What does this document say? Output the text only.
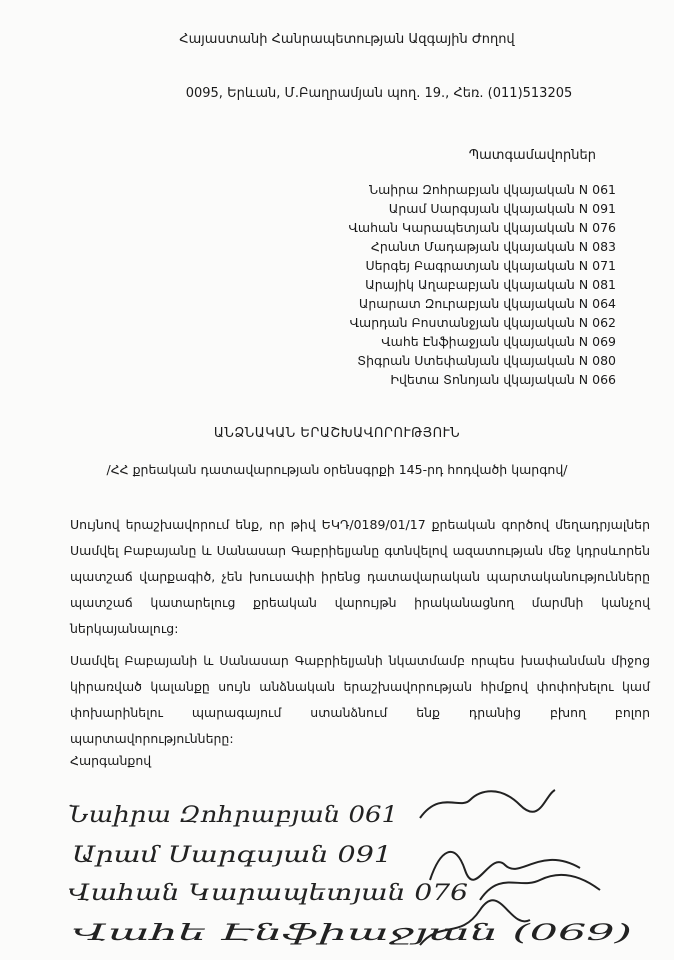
Հայաստանի Հանրապետության Ազգային Ժողով
0095, Երևան, Մ.Բաղրամյան պող. 19., Հեռ. (011)513205
Պատգամավորներ
Նաիրա Զոհրաբյան վկայական N 061
Արամ Սարգսյան վկայական N 091
Վահան Կարապետյան վկայական N 076
Հրանտ Մադաթյան վկայական N 083
Սերգեյ Բագրատյան վկայական N 071
Արայիկ Աղաբաբյան վկայական N 081
Արարատ Զուրաբյան վկայական N 064
Վարդան Բոստանջյան վկայական N 062
Վահե Էնֆիաջյան վկայական N 069
Տիգրան Ստեփանյան վկայական N 080
Իվետա Տոնոյան վկայական N 066
ԱՆՁՆԱԿԱՆ ԵՐԱՇԽԱՎՈՐՈՒԹՅՈՒՆ
/ՀՀ քրեական դատավարության օրենսգրքի 145-րդ հոդվածի կարգով/
Սույնով երաշխավորում ենք, որ թիվ ԵԿԴ/0189/01/17 քրեական գործով մեղադրյալներ Սամվել Բաբայանը և Սանասար Գաբրիելյանը գտնվելով ազատության մեջ կդրսևորեն պատշաճ վարքագիծ, չեն խուսափի իրենց դատավարական պարտականությունները պատշաճ կատարելուց քրեական վարույթն իրականացնող մարմնի կանչով ներկայանալուց:
Սամվել Բաբայանի և Սանասար Գաբրիելյանի նկատմամբ որպես խափանման միջոց կիրառված կալանքը սույն անձնական երաշխավորության հիմքով փոփոխելու կամ փոխարինելու պարագայում ստանձնում ենք դրանից բխող բոլոր պարտավորությունները:
Հարգանքով
Նաիրա Զոհրաբյան 061
Արամ Սարգսյան 091
Վահան Կարապետյան 076
Վահե Էնֆիաջյան (069)
